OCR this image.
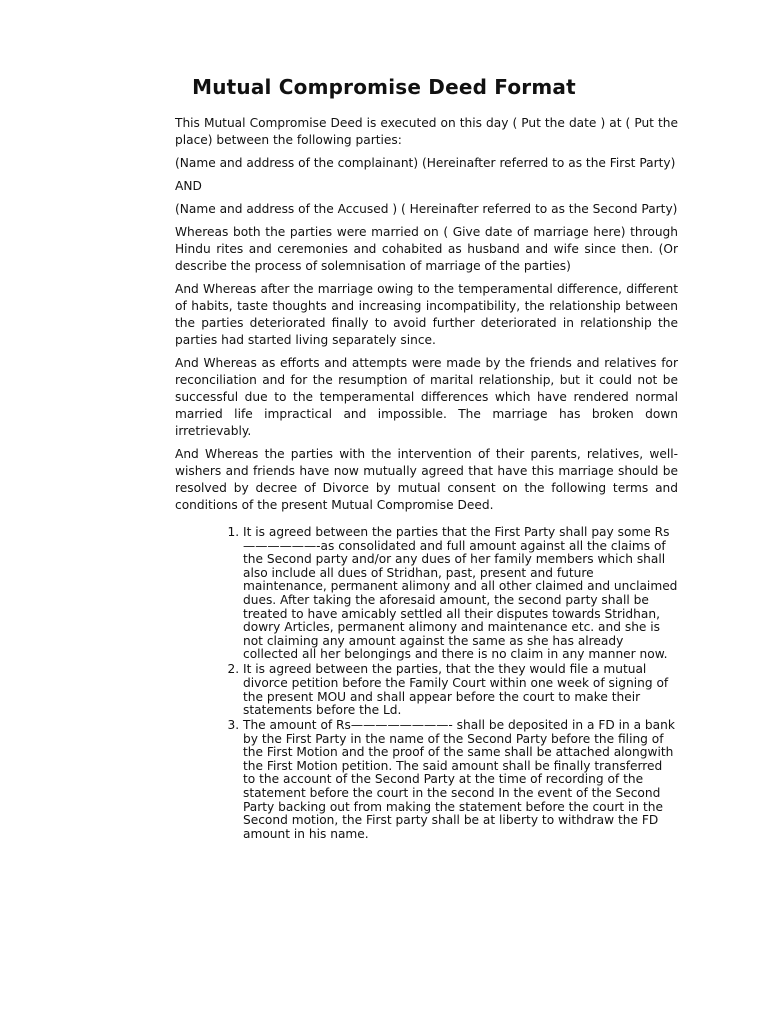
Mutual Compromise Deed Format

This Mutual Compromise Deed is executed on this day ( Put the date ) at ( Put the place) between the following parties:

(Name and address of the complainant) (Hereinafter referred to as the First Party)

AND

(Name and address of the Accused ) ( Hereinafter referred to as the Second Party)

Whereas both the parties were married on ( Give date of marriage here) through Hindu rites and ceremonies and cohabited as husband and wife since then. (Or describe the process of solemnisation of marriage of the parties)

And Whereas after the marriage owing to the temperamental difference, different of habits, taste thoughts and increasing incompatibility, the relationship between the parties deteriorated finally to avoid further deteriorated in relationship the parties had started living separately since.

And Whereas as efforts and attempts were made by the friends and relatives for reconciliation and for the resumption of marital relationship, but it could not be successful due to the temperamental differences which have rendered normal married life impractical and impossible. The marriage has broken down irretrievably.

And Whereas the parties with the intervention of their parents, relatives, well-wishers and friends have now mutually agreed that have this marriage should be resolved by decree of Divorce by mutual consent on the following terms and conditions of the present Mutual Compromise Deed.

1. It is agreed between the parties that the First Party shall pay some Rs——————-as consolidated and full amount against all the claims of the Second party and/or any dues of her family members which shall also include all dues of Stridhan, past, present and future maintenance, permanent alimony and all other claimed and unclaimed dues. After taking the aforesaid amount, the second party shall be treated to have amicably settled all their disputes towards Stridhan, dowry Articles, permanent alimony and maintenance etc. and she is not claiming any amount against the same as she has already collected all her belongings and there is no claim in any manner now.
2. It is agreed between the parties, that the they would file a mutual divorce petition before the Family Court within one week of signing of the present MOU and shall appear before the court to make their statements before the Ld.
3. The amount of Rs————————- shall be deposited in a FD in a bank by the First Party in the name of the Second Party before the filing of the First Motion and the proof of the same shall be attached alongwith the First Motion petition. The said amount shall be finally transferred to the account of the Second Party at the time of recording of the statement before the court in the second In the event of the Second Party backing out from making the statement before the court in the Second motion, the First party shall be at liberty to withdraw the FD amount in his name.
